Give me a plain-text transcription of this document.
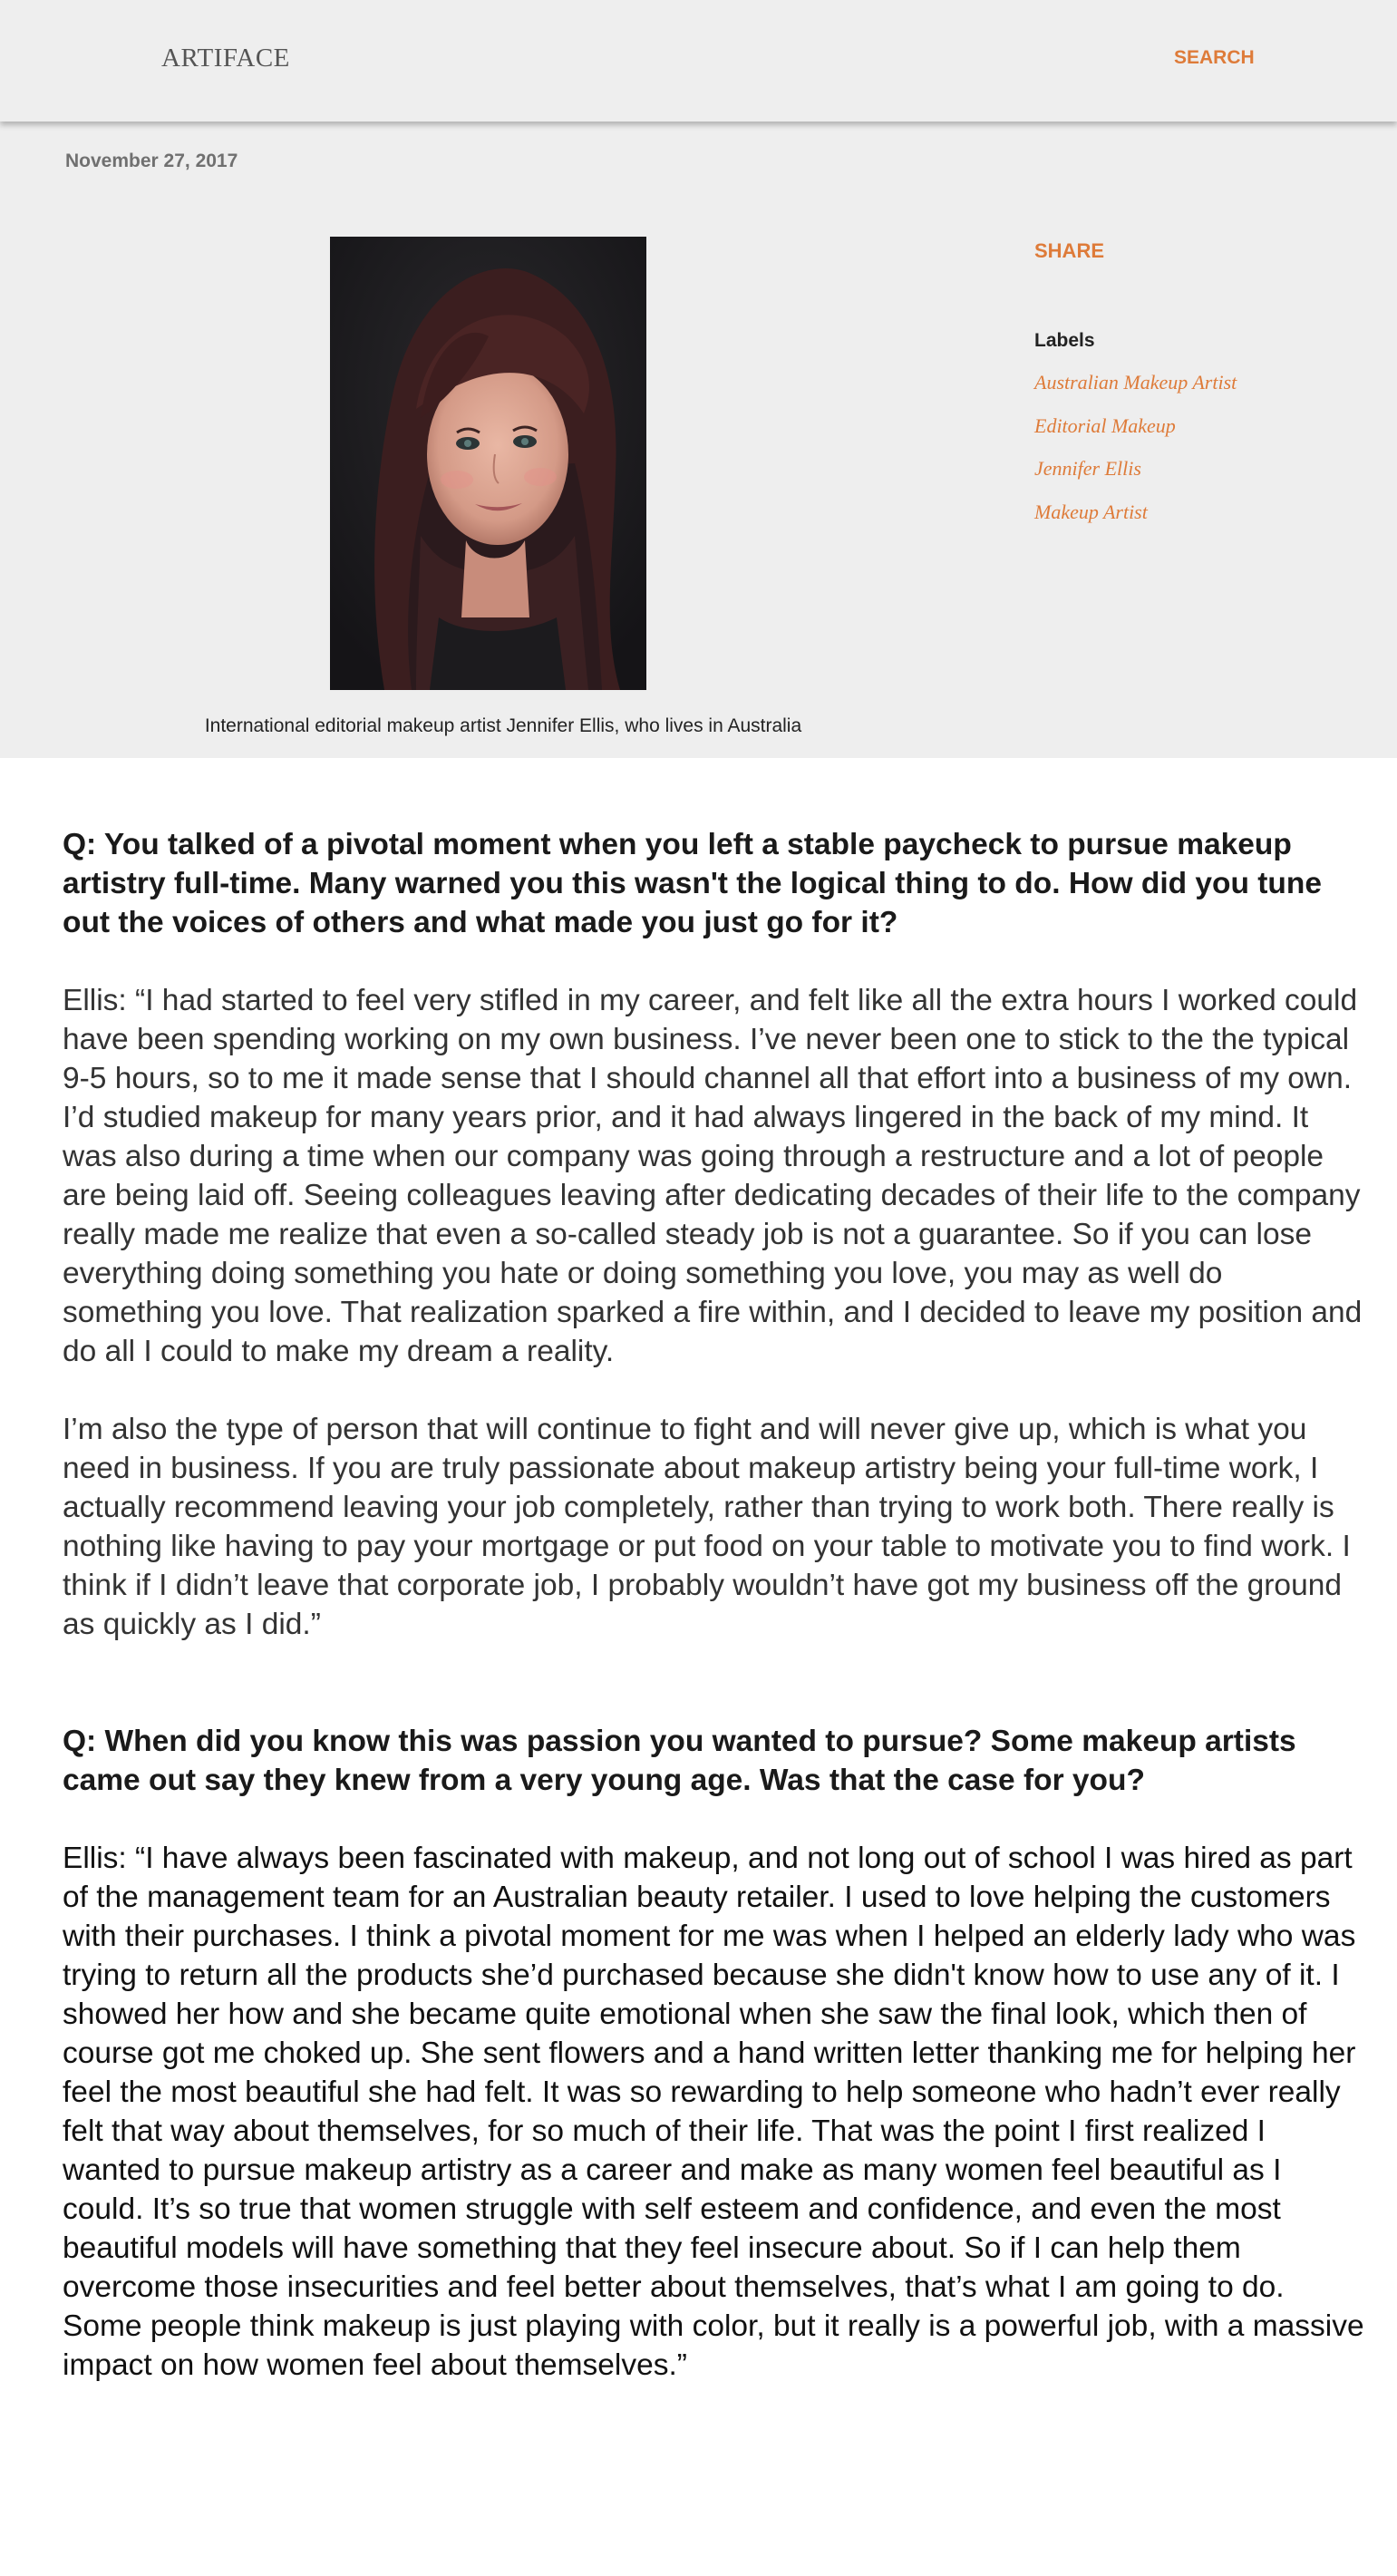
ARTIFACE	SEARCH
November 27, 2017
International editorial makeup artist Jennifer Ellis, who lives in Australia
SHARE
Labels
Australian Makeup Artist
Editorial Makeup
Jennifer Ellis
Makeup Artist

Q: You talked of a pivotal moment when you left a stable paycheck to pursue makeup artistry full-time. Many warned you this wasn't the logical thing to do. How did you tune out the voices of others and what made you just go for it?

Ellis: “I had started to feel very stifled in my career, and felt like all the extra hours I worked could have been spending working on my own business. I’ve never been one to stick to the the typical 9-5 hours, so to me it made sense that I should channel all that effort into a business of my own. I’d studied makeup for many years prior, and it had always lingered in the back of my mind. It was also during a time when our company was going through a restructure and a lot of people are being laid off. Seeing colleagues leaving after dedicating decades of their life to the company really made me realize that even a so-called steady job is not a guarantee. So if you can lose everything doing something you hate or doing something you love, you may as well do something you love. That realization sparked a fire within, and I decided to leave my position and do all I could to make my dream a reality.

I’m also the type of person that will continue to fight and will never give up, which is what you need in business. If you are truly passionate about makeup artistry being your full-time work, I actually recommend leaving your job completely, rather than trying to work both. There really is nothing like having to pay your mortgage or put food on your table to motivate you to find work. I think if I didn’t leave that corporate job, I probably wouldn’t have got my business off the ground as quickly as I did.”

Q: When did you know this was passion you wanted to pursue? Some makeup artists came out say they knew from a very young age. Was that the case for you?

Ellis: “I have always been fascinated with makeup, and not long out of school I was hired as part of the management team for an Australian beauty retailer. I used to love helping the customers with their purchases. I think a pivotal moment for me was when I helped an elderly lady who was trying to return all the products she’d purchased because she didn't know how to use any of it. I showed her how and she became quite emotional when she saw the final look, which then of course got me choked up. She sent flowers and a hand written letter thanking me for helping her feel the most beautiful she had felt. It was so rewarding to help someone who hadn’t ever really felt that way about themselves, for so much of their life. That was the point I first realized I wanted to pursue makeup artistry as a career and make as many women feel beautiful as I could. It’s so true that women struggle with self esteem and confidence, and even the most beautiful models will have something that they feel insecure about. So if I can help them overcome those insecurities and feel better about themselves, that’s what I am going to do. Some people think makeup is just playing with color, but it really is a powerful job, with a massive impact on how women feel about themselves.”
